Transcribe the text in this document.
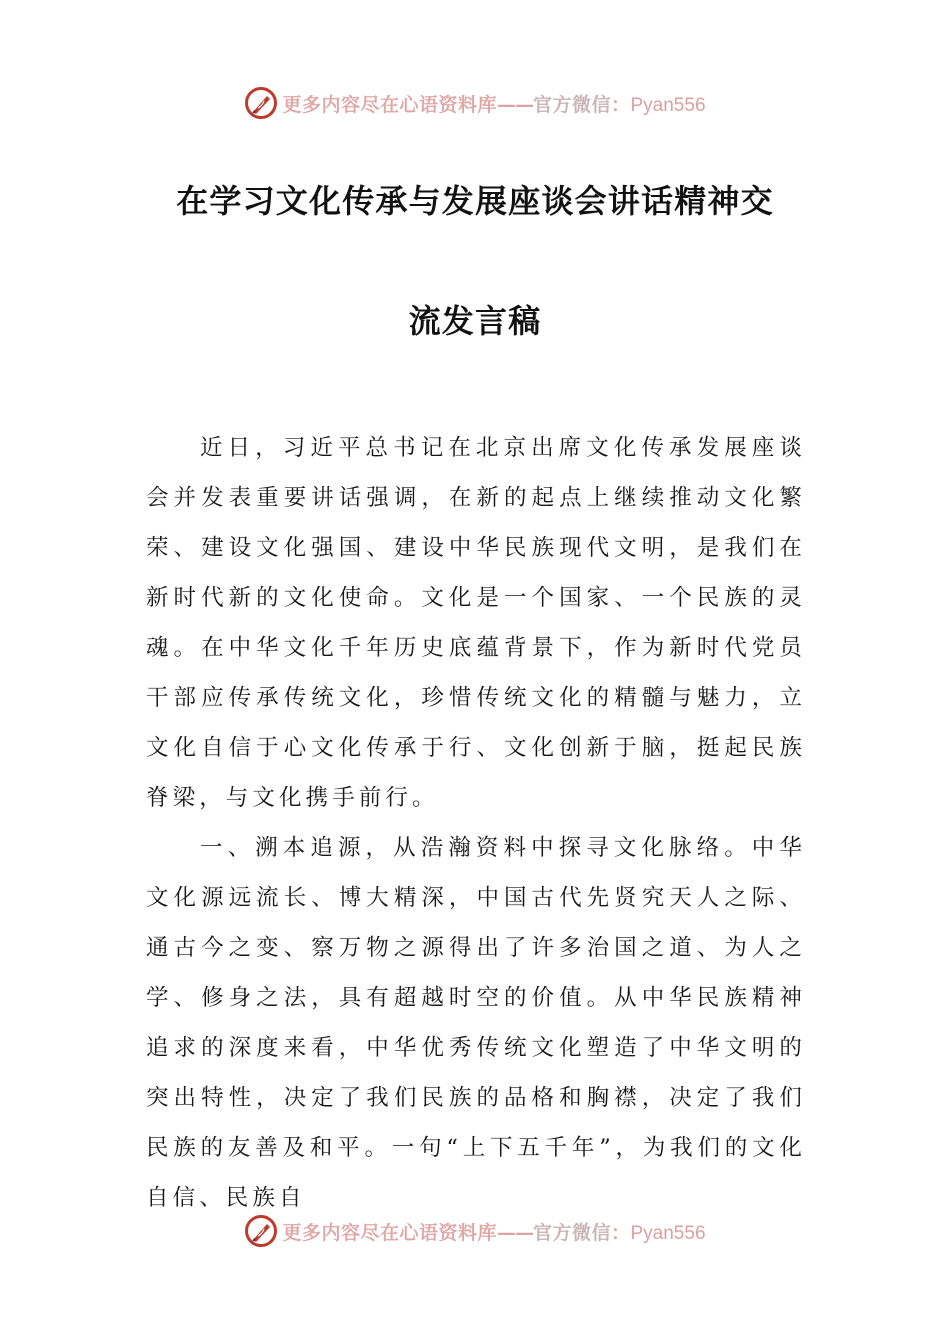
更多内容尽在心语资料库——官方微信：Pyan556
在学习文化传承与发展座谈会讲话精神交
流发言稿

近日，习近平总书记在北京出席文化传承发展座谈会并发表重要讲话强调，在新的起点上继续推动文化繁荣、建设文化强国、建设中华民族现代文明，是我们在新时代新的文化使命。文化是一个国家、一个民族的灵魂。在中华文化千年历史底蕴背景下，作为新时代党员干部应传承传统文化，珍惜传统文化的精髓与魅力，立文化自信于心文化传承于行、文化创新于脑，挺起民族脊梁，与文化携手前行。

一、溯本追源，从浩瀚资料中探寻文化脉络。中华文化源远流长、博大精深，中国古代先贤究天人之际、通古今之变、察万物之源得出了许多治国之道、为人之学、修身之法，具有超越时空的价值。从中华民族精神追求的深度来看，中华优秀传统文化塑造了中华文明的突出特性，决定了我们民族的品格和胸襟，决定了我们民族的友善及和平。一句“上下五千年”，为我们的文化自信、民族自

更多内容尽在心语资料库——官方微信：Pyan556
